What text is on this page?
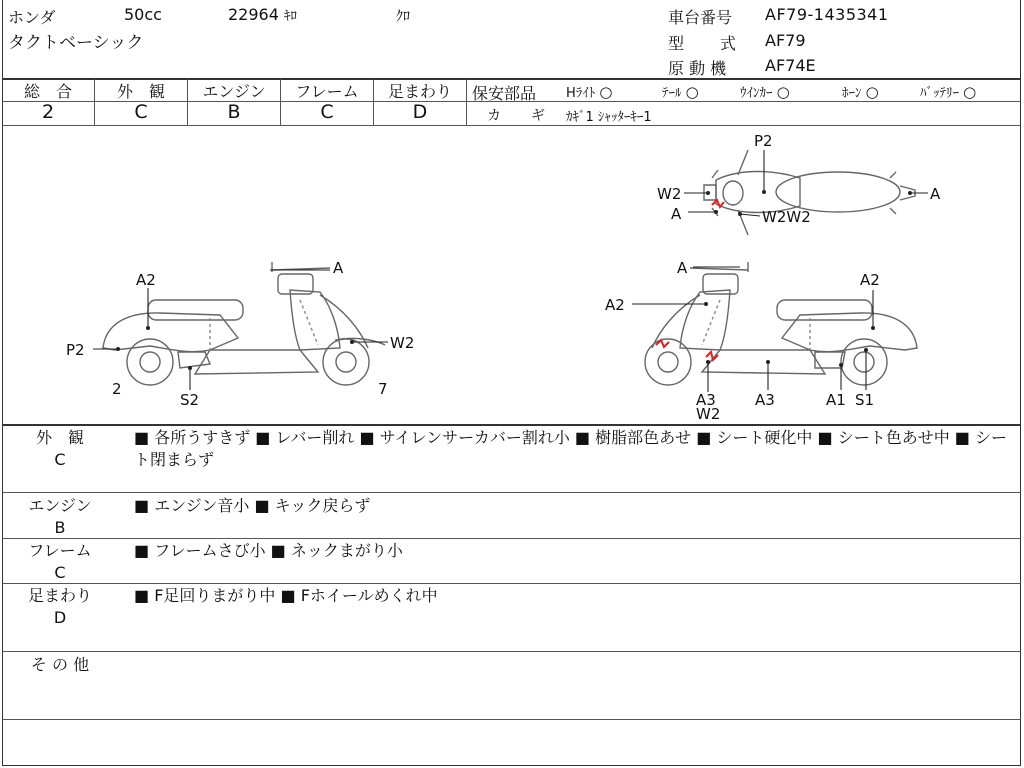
ホンダ	50cc	22964 ｷﾛ	ｸﾛ
タクトベーシック
車台番号 AF79-1435341
型　式 AF79
原 動 機 AF74E
総　合
2
外　観
C
エンジン
B
フレーム
C
足まわり
D
保安部品 Hﾗｲﾄ ○	ﾃｰﾙ ○	ｳｲﾝｶｰ ○	ﾎｰﾝ ○	ﾊﾞｯﾃﾘｰ ○
カ　ギ ｶｷﾞ1 ｼｬｯﾀｰｷｰ1
A2
P2
A
W2
2
S2
7
P2
W2
A	W2W2
A
A
A2
A2
A3
W2
A3	A1 S1
外　観
C
■ 各所うすきず ■ レバー削れ ■ サイレンサーカバー割れ小 ■ 樹脂部色あせ ■ シート硬化中 ■ シート色あせ中 ■ シート閉まらず
エンジン
B
■ エンジン音小 ■ キック戻らず
フレーム
C
■ フレームさび小 ■ ネックまがり小
足まわり
D
■ F足回りまがり中 ■ Fホイールめくれ中
そ の 他
